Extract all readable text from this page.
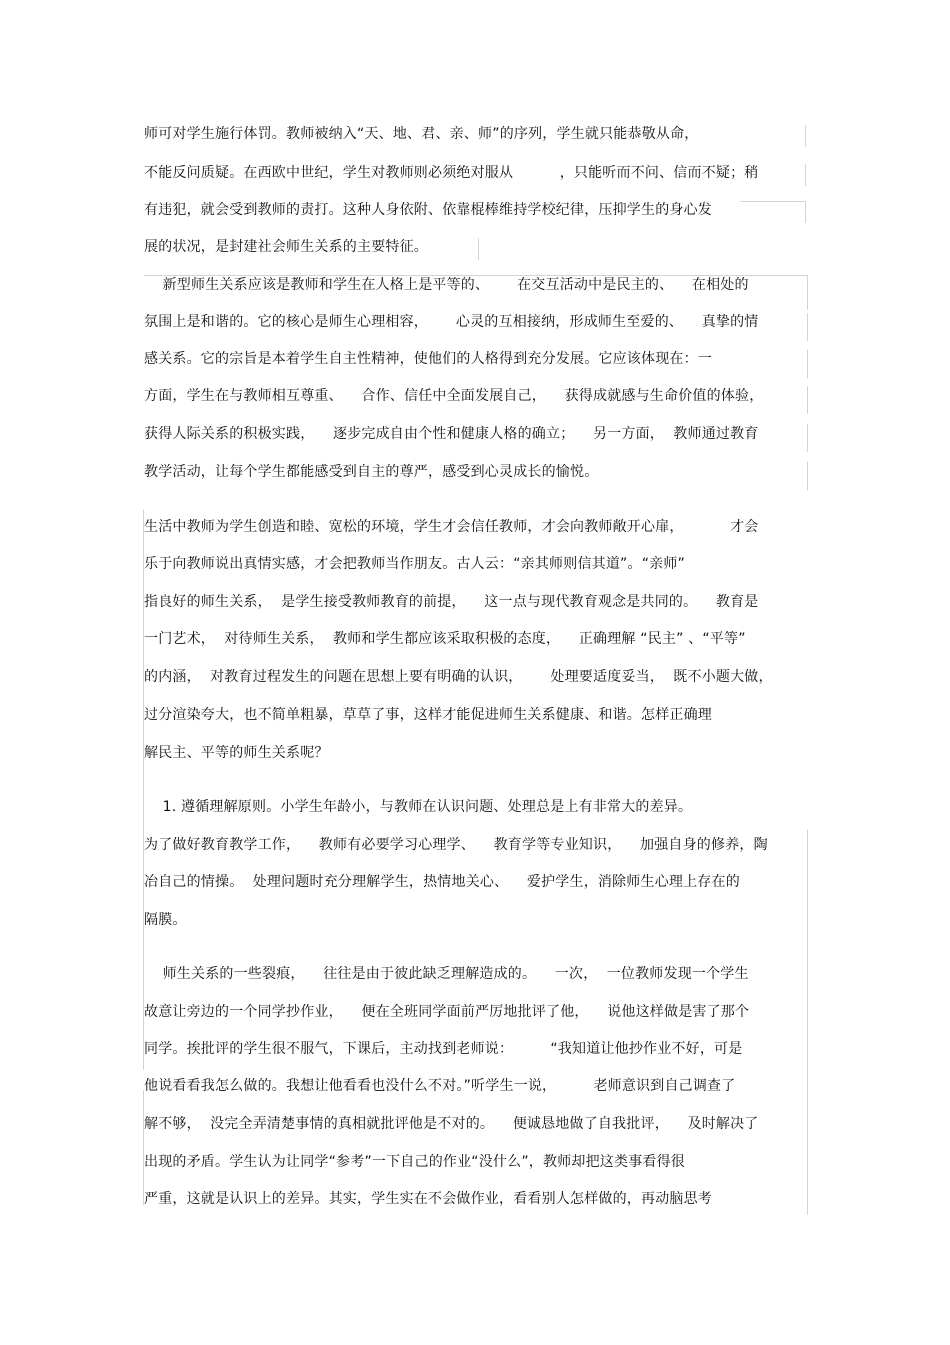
师可对学生施行体罚。教师被纳入“天、地、君、亲、师”的序列，学生就只能恭敬从命，
不能反问质疑。在西欧中世纪，学生对教师则必须绝对服从          ，只能听而不问、信而不疑；稍
有违犯，就会受到教师的责打。这种人身依附、依靠棍棒维持学校纪律，压抑学生的身心发
展的状况，是封建社会师生关系的主要特征。
新型师生关系应该是教师和学生在人格上是平等的、      在交互活动中是民主的、    在相处的
氛围上是和谐的。它的核心是师生心理相容，      心灵的互相接纳，形成师生至爱的、    真挚的情
感关系。它的宗旨是本着学生自主性精神，使他们的人格得到充分发展。它应该体现在：一
方面，学生在与教师相互尊重、    合作、信任中全面发展自己，    获得成就感与生命价值的体验，
获得人际关系的积极实践，    逐步完成自由个性和健康人格的确立；    另一方面，  教师通过教育
教学活动，让每个学生都能感受到自主的尊严，感受到心灵成长的愉悦。
生活中教师为学生创造和睦、宽松的环境，学生才会信任教师，才会向教师敞开心扉，          才会
乐于向教师说出真情实感，才会把教师当作朋友。古人云：“亲其师则信其道”。“亲师”
指良好的师生关系，  是学生接受教师教育的前提，    这一点与现代教育观念是共同的。    教育是
一门艺术，  对待师生关系，  教师和学生都应该采取积极的态度，    正确理解 “民主” 、“平等”
的内涵，  对教育过程发生的问题在思想上要有明确的认识，      处理要适度妥当，  既不小题大做，
过分渲染夸大，也不简单粗暴，草草了事，这样才能促进师生关系健康、和谐。怎样正确理
解民主、平等的师生关系呢？
1. 遵循理解原则。小学生年龄小，与教师在认识问题、处理总是上有非常大的差异。
为了做好教育教学工作，    教师有必要学习心理学、    教育学等专业知识，    加强自身的修养，陶
冶自己的情操。  处理问题时充分理解学生，热情地关心、    爱护学生，消除师生心理上存在的
隔膜。
师生关系的一些裂痕，    往往是由于彼此缺乏理解造成的。    一次，  一位教师发现一个学生
故意让旁边的一个同学抄作业，    便在全班同学面前严厉地批评了他，    说他这样做是害了那个
同学。挨批评的学生很不服气，下课后，主动找到老师说：        “我知道让他抄作业不好，可是
他说看看我怎么做的。我想让他看看也没什么不对。”听学生一说，        老师意识到自己调查了
解不够，  没完全弄清楚事情的真相就批评他是不对的。    便诚恳地做了自我批评，    及时解决了
出现的矛盾。学生认为让同学“参考”一下自己的作业“没什么”，教师却把这类事看得很
严重，这就是认识上的差异。其实，学生实在不会做作业，看看别人怎样做的，再动脑思考
